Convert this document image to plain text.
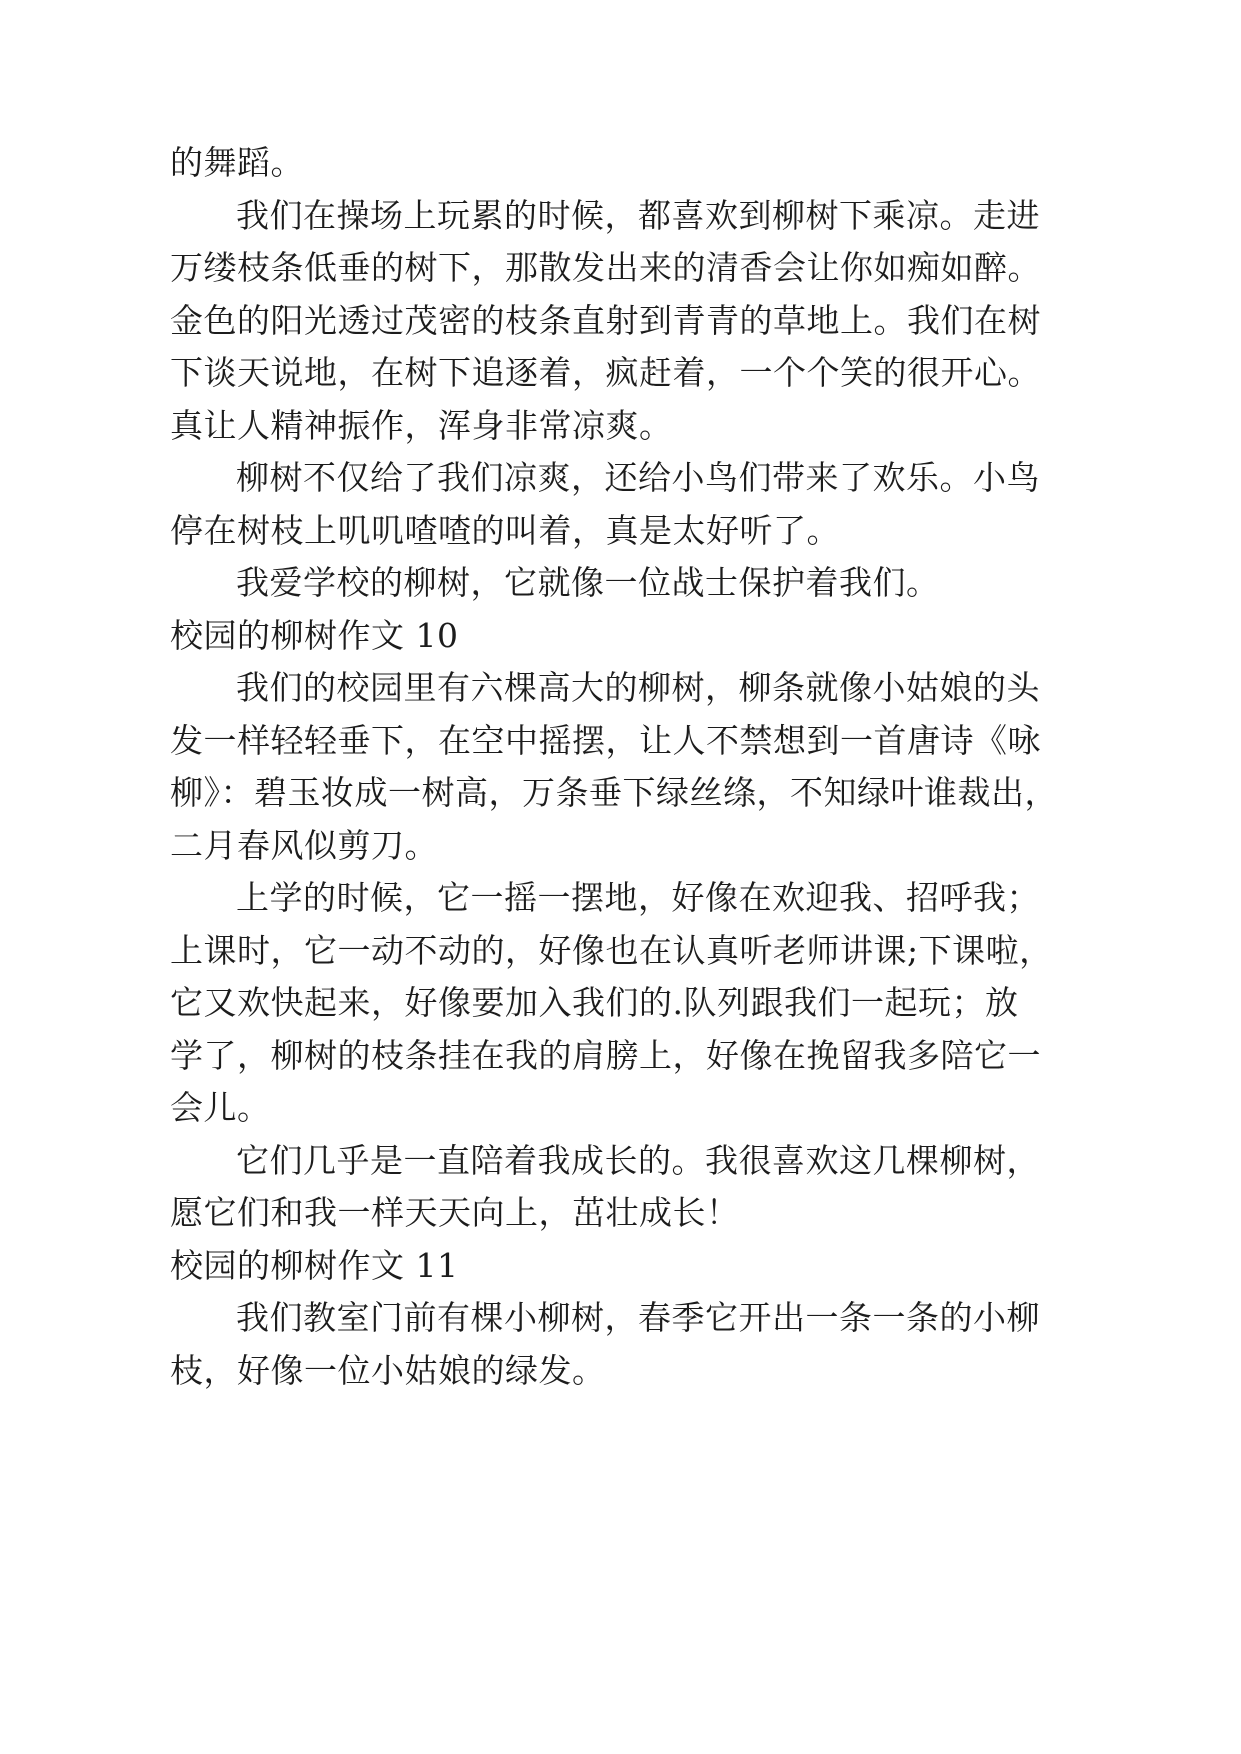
的舞蹈。
我们在操场上玩累的时候，都喜欢到柳树下乘凉。走进
万缕枝条低垂的树下，那散发出来的清香会让你如痴如醉。
金色的阳光透过茂密的枝条直射到青青的草地上。我们在树
下谈天说地，在树下追逐着，疯赶着，一个个笑的很开心。
真让人精神振作，浑身非常凉爽。
柳树不仅给了我们凉爽，还给小鸟们带来了欢乐。小鸟
停在树枝上叽叽喳喳的叫着，真是太好听了。
我爱学校的柳树，它就像一位战士保护着我们。
校园的柳树作文 10
我们的校园里有六棵高大的柳树，柳条就像小姑娘的头
发一样轻轻垂下，在空中摇摆，让人不禁想到一首唐诗《咏
柳》：碧玉妆成一树高，万条垂下绿丝绦，不知绿叶谁裁出，
二月春风似剪刀。
上学的时候，它一摇一摆地，好像在欢迎我、招呼我；
上课时，它一动不动的，好像也在认真听老师讲课;下课啦，
它又欢快起来，好像要加入我们的.队列跟我们一起玩；放
学了，柳树的枝条挂在我的肩膀上，好像在挽留我多陪它一
会儿。
它们几乎是一直陪着我成长的。我很喜欢这几棵柳树，
愿它们和我一样天天向上，茁壮成长！
校园的柳树作文 11
我们教室门前有棵小柳树，春季它开出一条一条的小柳
枝，好像一位小姑娘的绿发。
